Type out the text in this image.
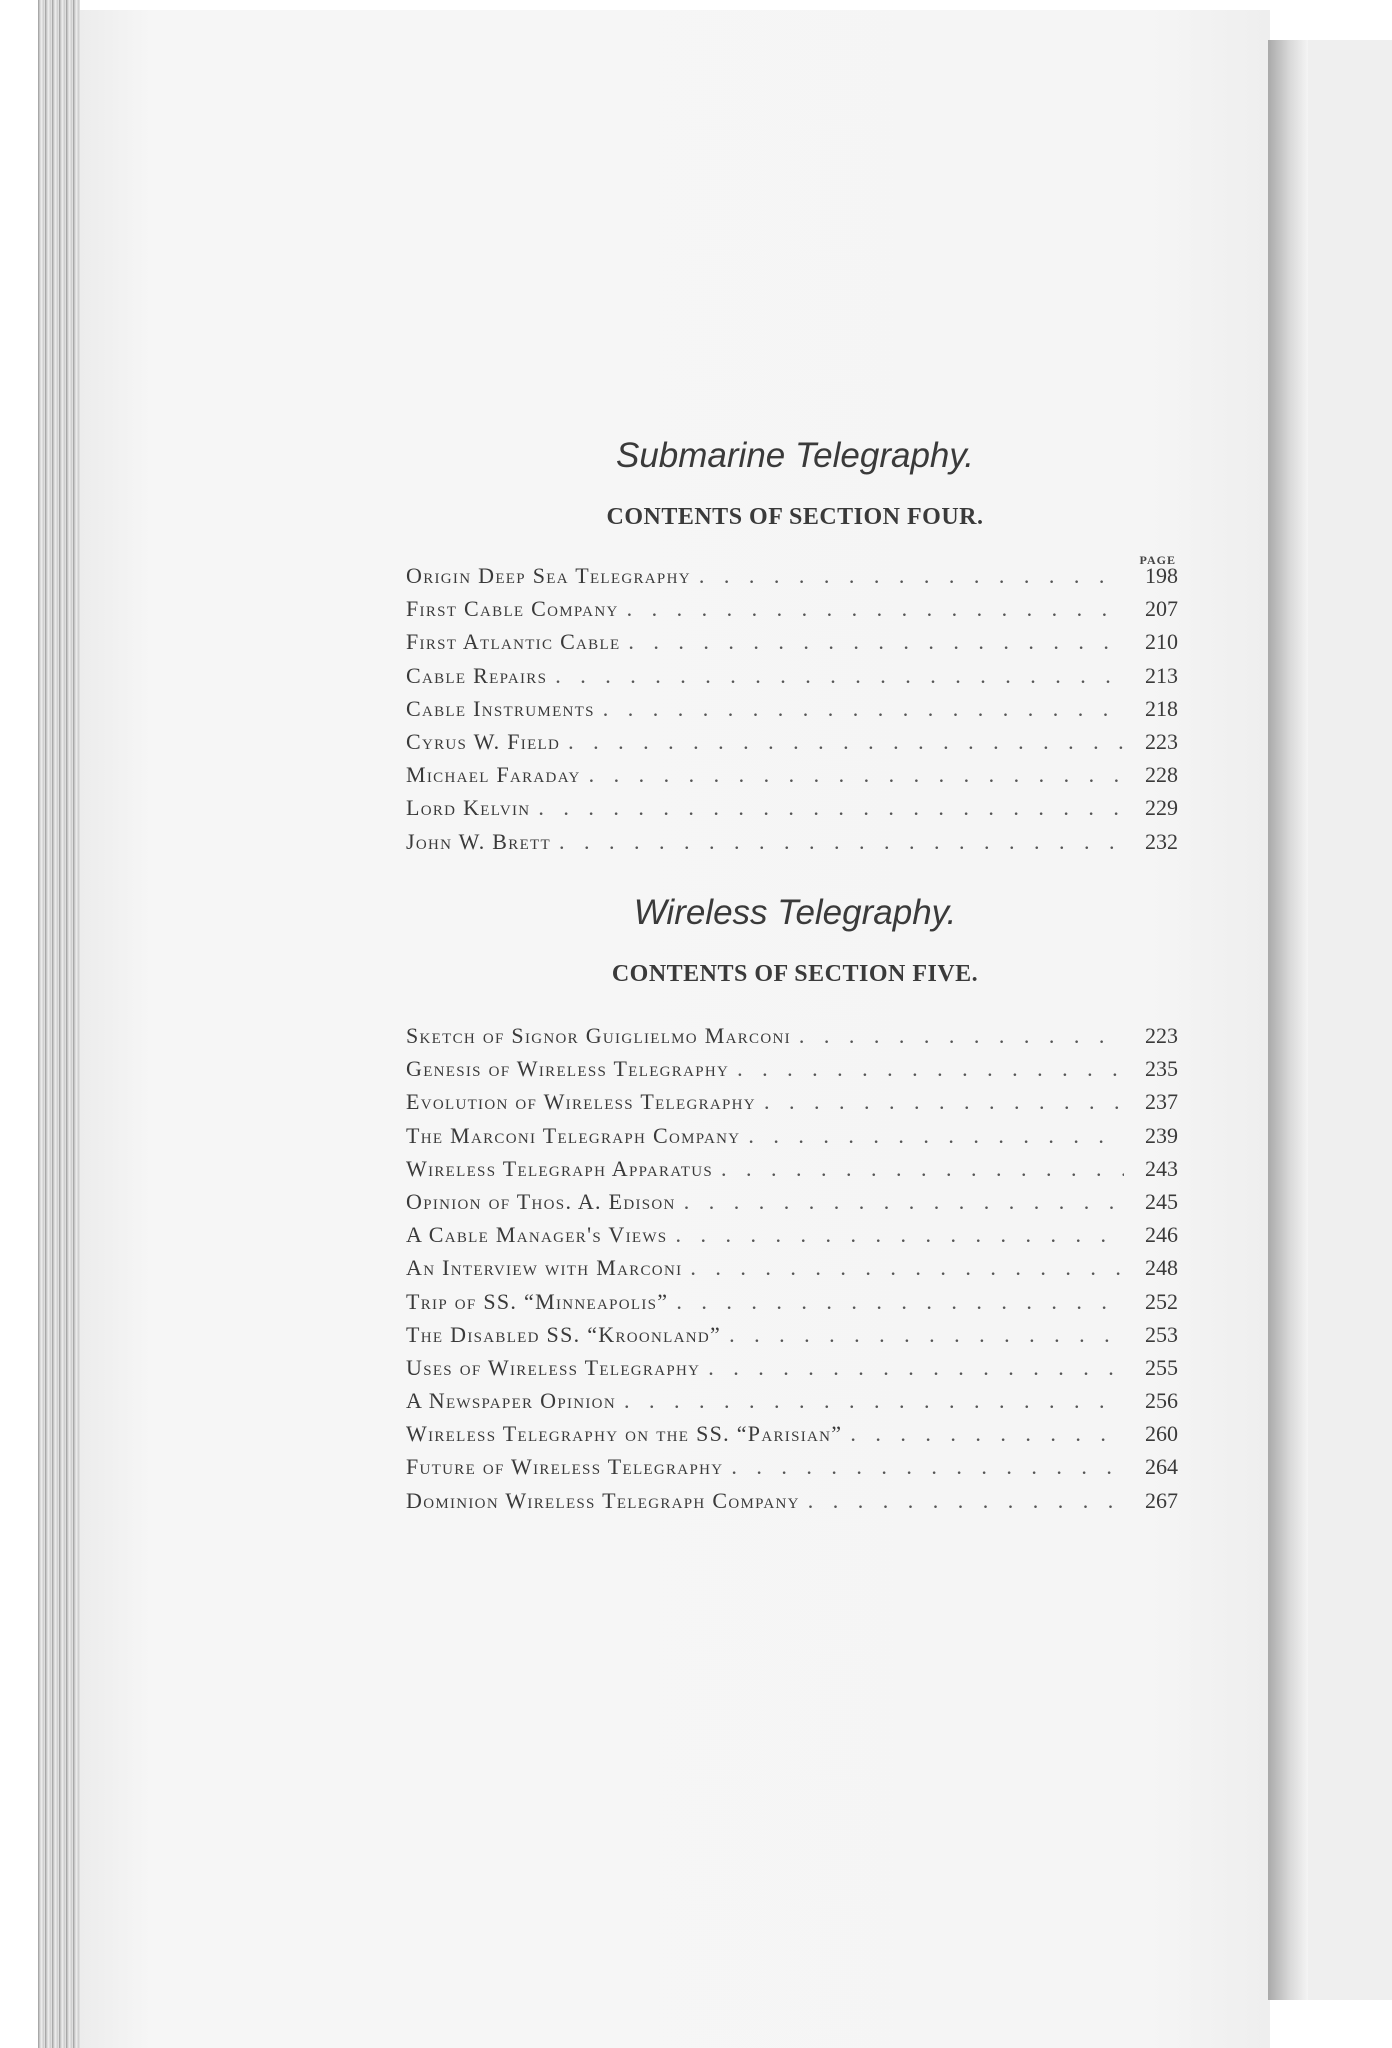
Submarine Telegraphy.
CONTENTS OF SECTION FOUR.
PAGE
Origin Deep Sea Telegraphy . . .	198
First Cable Company . . .	207
First Atlantic Cable . . .	210
Cable Repairs . . .	213
Cable Instruments . . .	218
Cyrus W. Field . . .	223
Michael Faraday . . .	228
Lord Kelvin . . .	229
John W. Brett . . .	232
Wireless Telegraphy.
CONTENTS OF SECTION FIVE.
Sketch of Signor Guiglielmo Marconi . . .	223
Genesis of Wireless Telegraphy . . .	235
Evolution of Wireless Telegraphy . . .	237
The Marconi Telegraph Company . . .	239
Wireless Telegraph Apparatus . . .	243
Opinion of Thos. A. Edison . . .	245
A Cable Manager's Views . . .	246
An Interview with Marconi . . .	248
Trip of SS. “Minneapolis” . . .	252
The Disabled SS. “Kroonland” . . .	253
Uses of Wireless Telegraphy . . .	255
A Newspaper Opinion . . .	256
Wireless Telegraphy on the SS. “Parisian” . . .	260
Future of Wireless Telegraphy . . .	264
Dominion Wireless Telegraph Company . . .	267
